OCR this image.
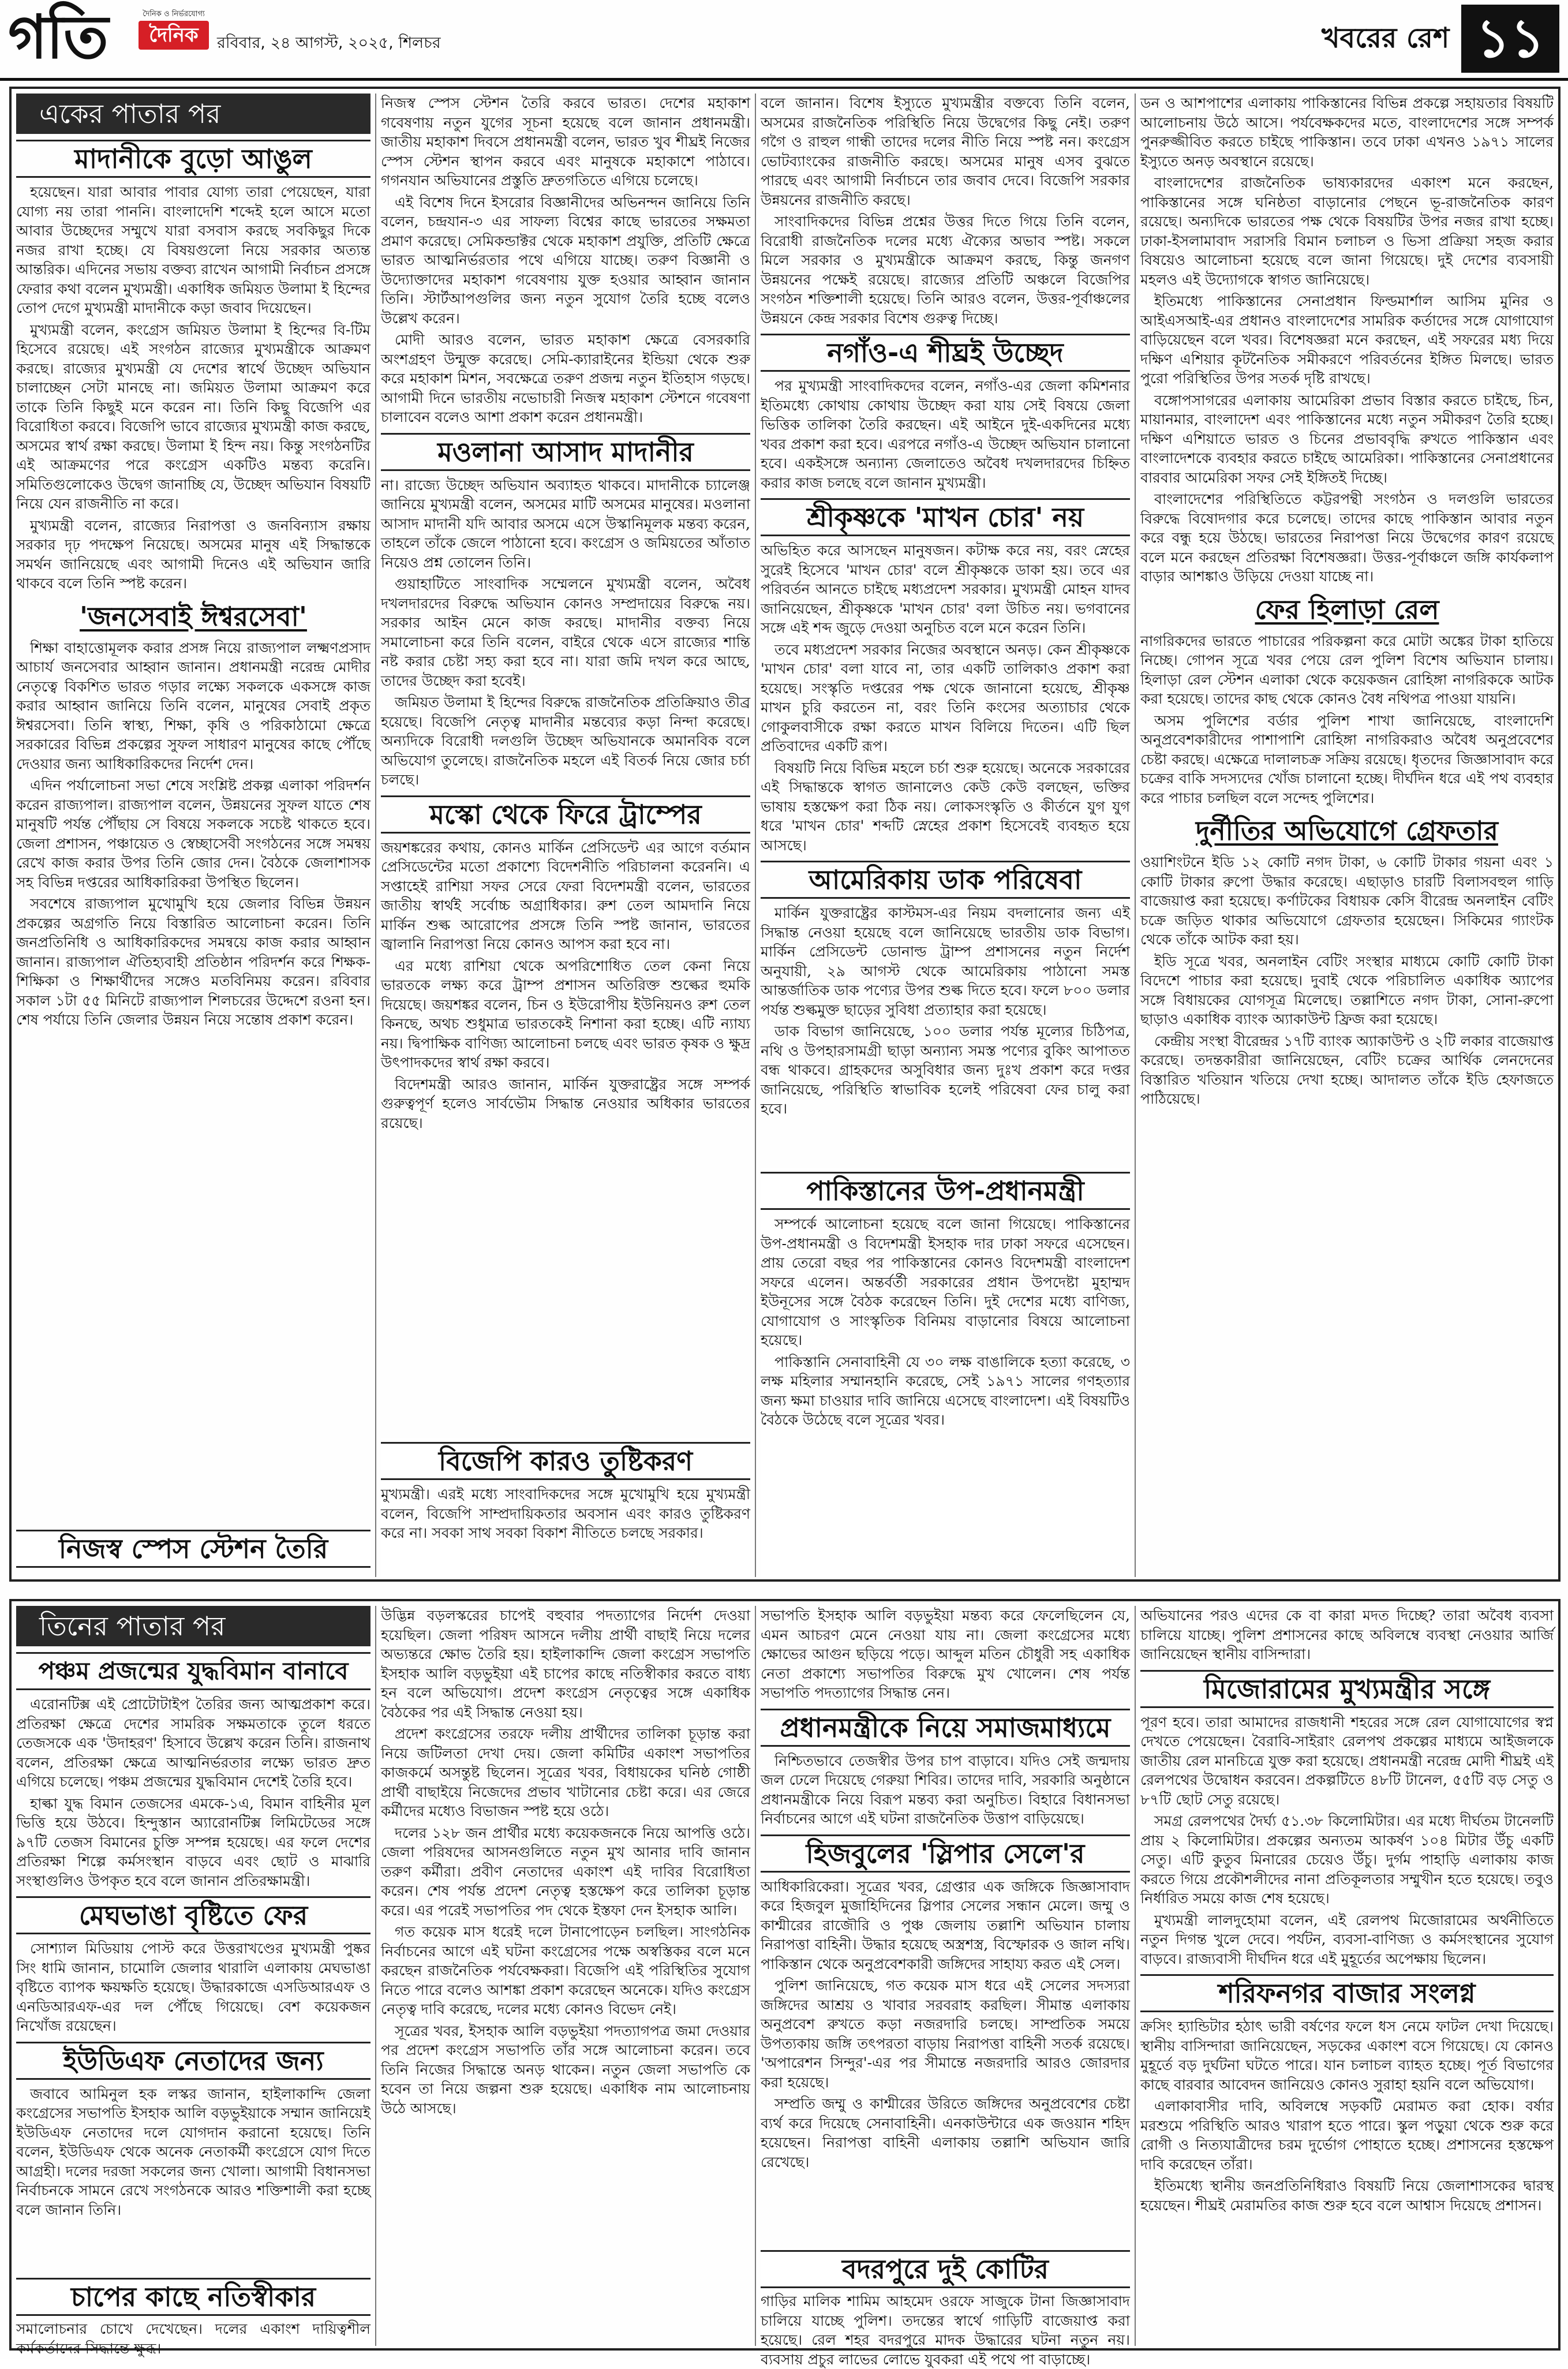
গতি	দৈনিক ও নির্ভরযোগ্য
দৈনিক	রবিবার, ২৪ আগস্ট, ২০২৫, শিলচর	খবরের রেশ ১১
একের পাতার পর
মাদানীকে বুড়ো আঙুল

হয়েছেন। যারা আবার পাবার যোগ্য তারা পেয়েছেন, যারা যোগ্য নয় তারা পাননি। বাংলাদেশি শব্দেই হলে আসে মতো আবার উচ্ছেদের সম্মুখে যারা বসবাস করছে সবকিছুর দিকে নজর রাখা হচ্ছে। যে বিষয়গুলো নিয়ে সরকার অত্যন্ত আন্তরিক। এদিনের সভায় বক্তব্য রাখেন আগামী নির্বাচন প্রসঙ্গে ফেরার কথা বলেন মুখ্যমন্ত্রী। একাধিক জমিয়ত উলামা ই হিন্দের তোপ দেগে মুখ্যমন্ত্রী মাদানীকে কড়া জবাব দিয়েছেন।

মুখ্যমন্ত্রী বলেন, কংগ্রেস জমিয়ত উলামা ই হিন্দের বি-টিম হিসেবে রয়েছে। এই সংগঠন রাজ্যের মুখ্যমন্ত্রীকে আক্রমণ করছে। রাজ্যের মুখ্যমন্ত্রী যে দেশের স্বার্থে উচ্ছেদ অভিযান চালাচ্ছেন সেটা মানছে না। জমিয়ত উলামা আক্রমণ করে তাকে তিনি কিছুই মনে করেন না। তিনি কিছু বিজেপি এর বিরোধিতা করবে। বিজেপি ভাবে রাজ্যের মুখ্যমন্ত্রী কাজ করছে, অসমের স্বার্থ রক্ষা করছে। উলামা ই হিন্দ নয়। কিন্তু সংগঠনটির এই আক্রমণের পরে কংগ্রেস একটিও মন্তব্য করেনি। সমিতিগুলোকেও উদ্বেগ জানাচ্ছি যে, উচ্ছেদ অভিযান বিষয়টি নিয়ে যেন রাজনীতি না করে।

মুখ্যমন্ত্রী বলেন, রাজ্যের নিরাপত্তা ও জনবিন্যাস রক্ষায় সরকার দৃঢ় পদক্ষেপ নিয়েছে। অসমের মানুষ এই সিদ্ধান্তকে সমর্থন জানিয়েছে এবং আগামী দিনেও এই অভিযান জারি থাকবে বলে তিনি স্পষ্ট করেন।

'জনসেবাই ঈশ্বরসেবা'

শিক্ষা বাহাত্তোমূলক করার প্রসঙ্গ নিয়ে রাজ্যপাল লক্ষ্মণপ্রসাদ আচার্য জনসেবার আহ্বান জানান। প্রধানমন্ত্রী নরেন্দ্র মোদীর নেতৃত্বে বিকশিত ভারত গড়ার লক্ষ্যে সকলকে একসঙ্গে কাজ করার আহ্বান জানিয়ে তিনি বলেন, মানুষের সেবাই প্রকৃত ঈশ্বরসেবা। তিনি স্বাস্থ্য, শিক্ষা, কৃষি ও পরিকাঠামো ক্ষেত্রে সরকারের বিভিন্ন প্রকল্পের সুফল সাধারণ মানুষের কাছে পৌঁছে দেওয়ার জন্য আধিকারিকদের নির্দেশ দেন।

এদিন পর্যালোচনা সভা শেষে সংশ্লিষ্ট প্রকল্প এলাকা পরিদর্শন করেন রাজ্যপাল। রাজ্যপাল বলেন, উন্নয়নের সুফল যাতে শেষ মানুষটি পর্যন্ত পৌঁছায় সে বিষয়ে সকলকে সচেষ্ট থাকতে হবে। জেলা প্রশাসন, পঞ্চায়েত ও স্বেচ্ছাসেবী সংগঠনের সঙ্গে সমন্বয় রেখে কাজ করার উপর তিনি জোর দেন। বৈঠকে জেলাশাসক সহ বিভিন্ন দপ্তরের আধিকারিকরা উপস্থিত ছিলেন।

সবশেষে রাজ্যপাল মুখোমুখি হয়ে জেলার বিভিন্ন উন্নয়ন প্রকল্পের অগ্রগতি নিয়ে বিস্তারিত আলোচনা করেন। তিনি জনপ্রতিনিধি ও আধিকারিকদের সমন্বয়ে কাজ করার আহ্বান জানান। রাজ্যপাল ঐতিহ্যবাহী প্রতিষ্ঠান পরিদর্শন করে শিক্ষক-শিক্ষিকা ও শিক্ষার্থীদের সঙ্গেও মতবিনিময় করেন। রবিবার সকাল ১টা ৫৫ মিনিটে রাজ্যপাল শিলচরের উদ্দেশে রওনা হন। শেষ পর্যায়ে তিনি জেলার উন্নয়ন নিয়ে সন্তোষ প্রকাশ করেন।

নিজস্ব স্পেস স্টেশন তৈরি

নিজস্ব স্পেস স্টেশন তৈরি করবে ভারত। দেশের মহাকাশ গবেষণায় নতুন যুগের সূচনা হয়েছে বলে জানান প্রধানমন্ত্রী। জাতীয় মহাকাশ দিবসে প্রধানমন্ত্রী বলেন, ভারত খুব শীঘ্রই নিজের স্পেস স্টেশন স্থাপন করবে এবং মানুষকে মহাকাশে পাঠাবে। গগনযান অভিযানের প্রস্তুতি দ্রুতগতিতে এগিয়ে চলেছে।

এই বিশেষ দিনে ইসরোর বিজ্ঞানীদের অভিনন্দন জানিয়ে তিনি বলেন, চন্দ্রযান-৩ এর সাফল্য বিশ্বের কাছে ভারতের সক্ষমতা প্রমাণ করেছে। সেমিকন্ডাক্টর থেকে মহাকাশ প্রযুক্তি, প্রতিটি ক্ষেত্রে ভারত আত্মনির্ভরতার পথে এগিয়ে যাচ্ছে। তরুণ বিজ্ঞানী ও উদ্যোক্তাদের মহাকাশ গবেষণায় যুক্ত হওয়ার আহ্বান জানান তিনি। স্টার্টআপগুলির জন্য নতুন সুযোগ তৈরি হচ্ছে বলেও উল্লেখ করেন।

মোদী আরও বলেন, ভারত মহাকাশ ক্ষেত্রে বেসরকারি অংশগ্রহণ উন্মুক্ত করেছে। সেমি-ক্যারাইনের ইন্ডিয়া থেকে শুরু করে মহাকাশ মিশন, সবক্ষেত্রে তরুণ প্রজন্ম নতুন ইতিহাস গড়ছে। আগামী দিনে ভারতীয় নভোচারী নিজস্ব মহাকাশ স্টেশনে গবেষণা চালাবেন বলেও আশা প্রকাশ করেন প্রধানমন্ত্রী।

মওলানা আসাদ মাদানীর

না। রাজ্যে উচ্ছেদ অভিযান অব্যাহত থাকবে। মাদানীকে চ্যালেঞ্জ জানিয়ে মুখ্যমন্ত্রী বলেন, অসমের মাটি অসমের মানুষের। মওলানা আসাদ মাদানী যদি আবার অসমে এসে উস্কানিমূলক মন্তব্য করেন, তাহলে তাঁকে জেলে পাঠানো হবে। কংগ্রেস ও জমিয়তের আঁতাত নিয়েও প্রশ্ন তোলেন তিনি।

গুয়াহাটিতে সাংবাদিক সম্মেলনে মুখ্যমন্ত্রী বলেন, অবৈধ দখলদারদের বিরুদ্ধে অভিযান কোনও সম্প্রদায়ের বিরুদ্ধে নয়। সরকার আইন মেনে কাজ করছে। মাদানীর বক্তব্য নিয়ে সমালোচনা করে তিনি বলেন, বাইরে থেকে এসে রাজ্যের শান্তি নষ্ট করার চেষ্টা সহ্য করা হবে না। যারা জমি দখল করে আছে, তাদের উচ্ছেদ করা হবেই।

জমিয়ত উলামা ই হিন্দের বিরুদ্ধে রাজনৈতিক প্রতিক্রিয়াও তীব্র হয়েছে। বিজেপি নেতৃত্ব মাদানীর মন্তব্যের কড়া নিন্দা করেছে। অন্যদিকে বিরোধী দলগুলি উচ্ছেদ অভিযানকে অমানবিক বলে অভিযোগ তুলেছে। রাজনৈতিক মহলে এই বিতর্ক নিয়ে জোর চর্চা চলছে।

মস্কো থেকে ফিরে ট্রাম্পের

জয়শঙ্করের কথায়, কোনও মার্কিন প্রেসিডেন্ট এর আগে বর্তমান প্রেসিডেন্টের মতো প্রকাশ্যে বিদেশনীতি পরিচালনা করেননি। এ সপ্তাহেই রাশিয়া সফর সেরে ফেরা বিদেশমন্ত্রী বলেন, ভারতের জাতীয় স্বার্থই সর্বোচ্চ অগ্রাধিকার। রুশ তেল আমদানি নিয়ে মার্কিন শুল্ক আরোপের প্রসঙ্গে তিনি স্পষ্ট জানান, ভারতের জ্বালানি নিরাপত্তা নিয়ে কোনও আপস করা হবে না।

এর মধ্যে রাশিয়া থেকে অপরিশোধিত তেল কেনা নিয়ে ভারতকে লক্ষ্য করে ট্রাম্প প্রশাসন অতিরিক্ত শুল্কের হুমকি দিয়েছে। জয়শঙ্কর বলেন, চিন ও ইউরোপীয় ইউনিয়নও রুশ তেল কিনছে, অথচ শুধুমাত্র ভারতকেই নিশানা করা হচ্ছে। এটি ন্যায্য নয়। দ্বিপাক্ষিক বাণিজ্য আলোচনা চলছে এবং ভারত কৃষক ও ক্ষুদ্র উৎপাদকদের স্বার্থ রক্ষা করবে।

বিদেশমন্ত্রী আরও জানান, মার্কিন যুক্তরাষ্ট্রের সঙ্গে সম্পর্ক গুরুত্বপূর্ণ হলেও সার্বভৌম সিদ্ধান্ত নেওয়ার অধিকার ভারতের রয়েছে।

বিজেপি কারও তুষ্টিকরণ

মুখ্যমন্ত্রী। এরই মধ্যে সাংবাদিকদের সঙ্গে মুখোমুখি হয়ে মুখ্যমন্ত্রী বলেন, বিজেপি সাম্প্রদায়িকতার অবসান এবং কারও তুষ্টিকরণ করে না। সবকা সাথ সবকা বিকাশ নীতিতে চলছে সরকার।

বলে জানান। বিশেষ ইস্যুতে মুখ্যমন্ত্রীর বক্তব্যে তিনি বলেন, অসমের রাজনৈতিক পরিস্থিতি নিয়ে উদ্বেগের কিছু নেই। তরুণ গগৈ ও রাহুল গান্ধী তাদের দলের নীতি নিয়ে স্পষ্ট নন। কংগ্রেস ভোটব্যাংকের রাজনীতি করছে। অসমের মানুষ এসব বুঝতে পারছে এবং আগামী নির্বাচনে তার জবাব দেবে। বিজেপি সরকার উন্নয়নের রাজনীতি করছে।

সাংবাদিকদের বিভিন্ন প্রশ্নের উত্তর দিতে গিয়ে তিনি বলেন, বিরোধী রাজনৈতিক দলের মধ্যে ঐক্যের অভাব স্পষ্ট। সকলে মিলে সরকার ও মুখ্যমন্ত্রীকে আক্রমণ করছে, কিন্তু জনগণ উন্নয়নের পক্ষেই রয়েছে। রাজ্যের প্রতিটি অঞ্চলে বিজেপির সংগঠন শক্তিশালী হয়েছে। তিনি আরও বলেন, উত্তর-পূর্বাঞ্চলের উন্নয়নে কেন্দ্র সরকার বিশেষ গুরুত্ব দিচ্ছে।

নগাঁও-এ শীঘ্রই উচ্ছেদ

পর মুখ্যমন্ত্রী সাংবাদিকদের বলেন, নগাঁও-এর জেলা কমিশনার ইতিমধ্যে কোথায় কোথায় উচ্ছেদ করা যায় সেই বিষয়ে জেলা ভিত্তিক তালিকা তৈরি করছেন। এই আইনে দুই-একদিনের মধ্যে খবর প্রকাশ করা হবে। এরপরে নগাঁও-এ উচ্ছেদ অভিযান চালানো হবে। একইসঙ্গে অন্যান্য জেলাতেও অবৈধ দখলদারদের চিহ্নিত করার কাজ চলছে বলে জানান মুখ্যমন্ত্রী।

শ্রীকৃষ্ণকে 'মাখন চোর' নয়

অভিহিত করে আসছেন মানুষজন। কটাক্ষ করে নয়, বরং স্নেহের সুরেই হিসেবে 'মাখন চোর' বলে শ্রীকৃষ্ণকে ডাকা হয়। তবে এর পরিবর্তন আনতে চাইছে মধ্যপ্রদেশ সরকার। মুখ্যমন্ত্রী মোহন যাদব জানিয়েছেন, শ্রীকৃষ্ণকে 'মাখন চোর' বলা উচিত নয়। ভগবানের সঙ্গে এই শব্দ জুড়ে দেওয়া অনুচিত বলে মনে করেন তিনি।

তবে মধ্যপ্রদেশ সরকার নিজের অবস্থানে অনড়। কেন শ্রীকৃষ্ণকে 'মাখন চোর' বলা যাবে না, তার একটি তালিকাও প্রকাশ করা হয়েছে। সংস্কৃতি দপ্তরের পক্ষ থেকে জানানো হয়েছে, শ্রীকৃষ্ণ মাখন চুরি করতেন না, বরং তিনি কংসের অত্যাচার থেকে গোকুলবাসীকে রক্ষা করতে মাখন বিলিয়ে দিতেন। এটি ছিল প্রতিবাদের একটি রূপ।

বিষয়টি নিয়ে বিভিন্ন মহলে চর্চা শুরু হয়েছে। অনেকে সরকারের এই সিদ্ধান্তকে স্বাগত জানালেও কেউ কেউ বলছেন, ভক্তির ভাষায় হস্তক্ষেপ করা ঠিক নয়। লোকসংস্কৃতি ও কীর্তনে যুগ যুগ ধরে 'মাখন চোর' শব্দটি স্নেহের প্রকাশ হিসেবেই ব্যবহৃত হয়ে আসছে।

আমেরিকায় ডাক পরিষেবা

মার্কিন যুক্তরাষ্ট্রের কাস্টমস-এর নিয়ম বদলানোর জন্য এই সিদ্ধান্ত নেওয়া হয়েছে বলে জানিয়েছে ভারতীয় ডাক বিভাগ। মার্কিন প্রেসিডেন্ট ডোনাল্ড ট্রাম্প প্রশাসনের নতুন নির্দেশ অনুযায়ী, ২৯ আগস্ট থেকে আমেরিকায় পাঠানো সমস্ত আন্তর্জাতিক ডাক পণ্যের উপর শুল্ক দিতে হবে। ফলে ৮০০ ডলার পর্যন্ত শুল্কমুক্ত ছাড়ের সুবিধা প্রত্যাহার করা হয়েছে।

ডাক বিভাগ জানিয়েছে, ১০০ ডলার পর্যন্ত মূল্যের চিঠিপত্র, নথি ও উপহারসামগ্রী ছাড়া অন্যান্য সমস্ত পণ্যের বুকিং আপাতত বন্ধ থাকবে। গ্রাহকদের অসুবিধার জন্য দুঃখ প্রকাশ করে দপ্তর জানিয়েছে, পরিস্থিতি স্বাভাবিক হলেই পরিষেবা ফের চালু করা হবে।

পাকিস্তানের উপ-প্রধানমন্ত্রী

সম্পর্কে আলোচনা হয়েছে বলে জানা গিয়েছে। পাকিস্তানের উপ-প্রধানমন্ত্রী ও বিদেশমন্ত্রী ইসহাক দার ঢাকা সফরে এসেছেন। প্রায় তেরো বছর পর পাকিস্তানের কোনও বিদেশমন্ত্রী বাংলাদেশ সফরে এলেন। অন্তর্বর্তী সরকারের প্রধান উপদেষ্টা মুহাম্মদ ইউনূসের সঙ্গে বৈঠক করেছেন তিনি। দুই দেশের মধ্যে বাণিজ্য, যোগাযোগ ও সাংস্কৃতিক বিনিময় বাড়ানোর বিষয়ে আলোচনা হয়েছে।

পাকিস্তানি সেনাবাহিনী যে ৩০ লক্ষ বাঙালিকে হত্যা করেছে, ৩ লক্ষ মহিলার সম্মানহানি করেছে, সেই ১৯৭১ সালের গণহত্যার জন্য ক্ষমা চাওয়ার দাবি জানিয়ে এসেছে বাংলাদেশ। এই বিষয়টিও বৈঠকে উঠেছে বলে সূত্রের খবর।

ডন ও আশপাশের এলাকায় পাকিস্তানের বিভিন্ন প্রকল্পে সহায়তার বিষয়টি আলোচনায় উঠে আসে। পর্যবেক্ষকদের মতে, বাংলাদেশের সঙ্গে সম্পর্ক পুনরুজ্জীবিত করতে চাইছে পাকিস্তান। তবে ঢাকা এখনও ১৯৭১ সালের ইস্যুতে অনড় অবস্থানে রয়েছে।

বাংলাদেশের রাজনৈতিক ভাষ্যকারদের একাংশ মনে করছেন, পাকিস্তানের সঙ্গে ঘনিষ্ঠতা বাড়ানোর পেছনে ভূ-রাজনৈতিক কারণ রয়েছে। অন্যদিকে ভারতের পক্ষ থেকে বিষয়টির উপর নজর রাখা হচ্ছে। ঢাকা-ইসলামাবাদ সরাসরি বিমান চলাচল ও ভিসা প্রক্রিয়া সহজ করার বিষয়েও আলোচনা হয়েছে বলে জানা গিয়েছে। দুই দেশের ব্যবসায়ী মহলও এই উদ্যোগকে স্বাগত জানিয়েছে।

ইতিমধ্যে পাকিস্তানের সেনাপ্রধান ফিল্ডমার্শাল আসিম মুনির ও আইএসআই-এর প্রধানও বাংলাদেশের সামরিক কর্তাদের সঙ্গে যোগাযোগ বাড়িয়েছেন বলে খবর। বিশেষজ্ঞরা মনে করছেন, এই সফরের মধ্য দিয়ে দক্ষিণ এশিয়ার কূটনৈতিক সমীকরণে পরিবর্তনের ইঙ্গিত মিলছে। ভারত পুরো পরিস্থিতির উপর সতর্ক দৃষ্টি রাখছে।

বঙ্গোপসাগরের এলাকায় আমেরিকা প্রভাব বিস্তার করতে চাইছে, চিন, মায়ানমার, বাংলাদেশ এবং পাকিস্তানের মধ্যে নতুন সমীকরণ তৈরি হচ্ছে। দক্ষিণ এশিয়াতে ভারত ও চিনের প্রভাববৃদ্ধি রুখতে পাকিস্তান এবং বাংলাদেশকে ব্যবহার করতে চাইছে আমেরিকা। পাকিস্তানের সেনাপ্রধানের বারবার আমেরিকা সফর সেই ইঙ্গিতই দিচ্ছে।

বাংলাদেশের পরিস্থিতিতে কট্টরপন্থী সংগঠন ও দলগুলি ভারতের বিরুদ্ধে বিষোদগার করে চলেছে। তাদের কাছে পাকিস্তান আবার নতুন করে বন্ধু হয়ে উঠছে। ভারতের নিরাপত্তা নিয়ে উদ্বেগের কারণ রয়েছে বলে মনে করছেন প্রতিরক্ষা বিশেষজ্ঞরা। উত্তর-পূর্বাঞ্চলে জঙ্গি কার্যকলাপ বাড়ার আশঙ্কাও উড়িয়ে দেওয়া যাচ্ছে না।

ফের হিলাড়া রেল

নাগরিকদের ভারতে পাচারের পরিকল্পনা করে মোটা অঙ্কের টাকা হাতিয়ে নিচ্ছে। গোপন সূত্রে খবর পেয়ে রেল পুলিশ বিশেষ অভিযান চালায়। হিলাড়া রেল স্টেশন এলাকা থেকে কয়েকজন রোহিঙ্গা নাগরিককে আটক করা হয়েছে। তাদের কাছ থেকে কোনও বৈধ নথিপত্র পাওয়া যায়নি।

অসম পুলিশের বর্ডার পুলিশ শাখা জানিয়েছে, বাংলাদেশি অনুপ্রবেশকারীদের পাশাপাশি রোহিঙ্গা নাগরিকরাও অবৈধ অনুপ্রবেশের চেষ্টা করছে। এক্ষেত্রে দালালচক্র সক্রিয় রয়েছে। ধৃতদের জিজ্ঞাসাবাদ করে চক্রের বাকি সদস্যদের খোঁজ চালানো হচ্ছে। দীর্ঘদিন ধরে এই পথ ব্যবহার করে পাচার চলছিল বলে সন্দেহ পুলিশের।

দুর্নীতির অভিযোগে গ্রেফতার

ওয়াশিংটনে ইডি ১২ কোটি নগদ টাকা, ৬ কোটি টাকার গয়না এবং ১ কোটি টাকার রুপো উদ্ধার করেছে। এছাড়াও চারটি বিলাসবহুল গাড়ি বাজেয়াপ্ত করা হয়েছে। কর্ণাটকের বিধায়ক কেসি বীরেন্দ্র অনলাইন বেটিং চক্রে জড়িত থাকার অভিযোগে গ্রেফতার হয়েছেন। সিকিমের গ্যাংটক থেকে তাঁকে আটক করা হয়।

ইডি সূত্রে খবর, অনলাইন বেটিং সংস্থার মাধ্যমে কোটি কোটি টাকা বিদেশে পাচার করা হয়েছে। দুবাই থেকে পরিচালিত একাধিক অ্যাপের সঙ্গে বিধায়কের যোগসূত্র মিলেছে। তল্লাশিতে নগদ টাকা, সোনা-রুপো ছাড়াও একাধিক ব্যাংক অ্যাকাউন্ট ফ্রিজ করা হয়েছে।

কেন্দ্রীয় সংস্থা বীরেন্দ্রর ১৭টি ব্যাংক অ্যাকাউন্ট ও ২টি লকার বাজেয়াপ্ত করেছে। তদন্তকারীরা জানিয়েছেন, বেটিং চক্রের আর্থিক লেনদেনের বিস্তারিত খতিয়ান খতিয়ে দেখা হচ্ছে। আদালত তাঁকে ইডি হেফাজতে পাঠিয়েছে।

তিনের পাতার পর
পঞ্চম প্রজন্মের যুদ্ধবিমান বানাবে

এরোনটিক্স এই প্রোটোটাইপ তৈরির জন্য আত্মপ্রকাশ করে। প্রতিরক্ষা ক্ষেত্রে দেশের সামরিক সক্ষমতাকে তুলে ধরতে তেজসকে এক 'উদাহরণ' হিসাবে উল্লেখ করেন তিনি। রাজনাথ বলেন, প্রতিরক্ষা ক্ষেত্রে আত্মনির্ভরতার লক্ষ্যে ভারত দ্রুত এগিয়ে চলেছে। পঞ্চম প্রজন্মের যুদ্ধবিমান দেশেই তৈরি হবে।

হাল্কা যুদ্ধ বিমান তেজসের এমকে-১এ, বিমান বাহিনীর মূল ভিত্তি হয়ে উঠবে। হিন্দুস্তান অ্যারোনটিক্স লিমিটেডের সঙ্গে ৯৭টি তেজস বিমানের চুক্তি সম্পন্ন হয়েছে। এর ফলে দেশের প্রতিরক্ষা শিল্পে কর্মসংস্থান বাড়বে এবং ছোট ও মাঝারি সংস্থাগুলিও উপকৃত হবে বলে জানান প্রতিরক্ষামন্ত্রী।

মেঘভাঙা বৃষ্টিতে ফের

সোশ্যাল মিডিয়ায় পোস্ট করে উত্তরাখণ্ডের মুখ্যমন্ত্রী পুষ্কর সিং ধামি জানান, চামোলি জেলার থারালি এলাকায় মেঘভাঙা বৃষ্টিতে ব্যাপক ক্ষয়ক্ষতি হয়েছে। উদ্ধারকাজে এসডিআরএফ ও এনডিআরএফ-এর দল পৌঁছে গিয়েছে। বেশ কয়েকজন নিখোঁজ রয়েছেন।

ইউডিএফ নেতাদের জন্য

জবাবে আমিনুল হক লস্কর জানান, হাইলাকান্দি জেলা কংগ্রেসের সভাপতি ইসহাক আলি বড়ভুইয়াকে সম্মান জানিয়েই ইউডিএফ নেতাদের দলে যোগদান করানো হয়েছে। তিনি বলেন, ইউডিএফ থেকে অনেক নেতাকর্মী কংগ্রেসে যোগ দিতে আগ্রহী। দলের দরজা সকলের জন্য খোলা। আগামী বিধানসভা নির্বাচনকে সামনে রেখে সংগঠনকে আরও শক্তিশালী করা হচ্ছে বলে জানান তিনি।

চাপের কাছে নতিস্বীকার

সমালোচনার চোখে দেখেছেন। দলের একাংশ দায়িত্বশীল কর্মকর্তাদের সিদ্ধান্তে ক্ষুব্ধ।

উদ্ভিন্ন বড়লস্করের চাপেই বহুবার পদত্যাগের নির্দেশ দেওয়া হয়েছিল। জেলা পরিষদ আসনে দলীয় প্রার্থী বাছাই নিয়ে দলের অভ্যন্তরে ক্ষোভ তৈরি হয়। হাইলাকান্দি জেলা কংগ্রেস সভাপতি ইসহাক আলি বড়ভুইয়া এই চাপের কাছে নতিস্বীকার করতে বাধ্য হন বলে অভিযোগ। প্রদেশ কংগ্রেস নেতৃত্বের সঙ্গে একাধিক বৈঠকের পর এই সিদ্ধান্ত নেওয়া হয়।

প্রদেশ কংগ্রেসের তরফে দলীয় প্রার্থীদের তালিকা চূড়ান্ত করা নিয়ে জটিলতা দেখা দেয়। জেলা কমিটির একাংশ সভাপতির কাজকর্মে অসন্তুষ্ট ছিলেন। সূত্রের খবর, বিধায়কের ঘনিষ্ঠ গোষ্ঠী প্রার্থী বাছাইয়ে নিজেদের প্রভাব খাটানোর চেষ্টা করে। এর জেরে কর্মীদের মধ্যেও বিভাজন স্পষ্ট হয়ে ওঠে।

দলের ১২৮ জন প্রার্থীর মধ্যে কয়েকজনকে নিয়ে আপত্তি ওঠে। জেলা পরিষদের আসনগুলিতে নতুন মুখ আনার দাবি জানান তরুণ কর্মীরা। প্রবীণ নেতাদের একাংশ এই দাবির বিরোধিতা করেন। শেষ পর্যন্ত প্রদেশ নেতৃত্ব হস্তক্ষেপ করে তালিকা চূড়ান্ত করে। এর পরেই সভাপতির পদ থেকে ইস্তফা দেন ইসহাক আলি।

গত কয়েক মাস ধরেই দলে টানাপোড়েন চলছিল। সাংগঠনিক নির্বাচনের আগে এই ঘটনা কংগ্রেসের পক্ষে অস্বস্তিকর বলে মনে করছেন রাজনৈতিক পর্যবেক্ষকরা। বিজেপি এই পরিস্থিতির সুযোগ নিতে পারে বলেও আশঙ্কা প্রকাশ করেছেন অনেকে। যদিও কংগ্রেস নেতৃত্ব দাবি করেছে, দলের মধ্যে কোনও বিভেদ নেই।

সূত্রের খবর, ইসহাক আলি বড়ভুইয়া পদত্যাগপত্র জমা দেওয়ার পর প্রদেশ কংগ্রেস সভাপতি তাঁর সঙ্গে আলোচনা করেন। তবে তিনি নিজের সিদ্ধান্তে অনড় থাকেন। নতুন জেলা সভাপতি কে হবেন তা নিয়ে জল্পনা শুরু হয়েছে। একাধিক নাম আলোচনায় উঠে আসছে।

সভাপতি ইসহাক আলি বড়ভুইয়া মন্তব্য করে ফেলেছিলেন যে, এমন আচরণ মেনে নেওয়া যায় না। জেলা কংগ্রেসের মধ্যে ক্ষোভের আগুন ছড়িয়ে পড়ে। আব্দুল মতিন চৌধুরী সহ একাধিক নেতা প্রকাশ্যে সভাপতির বিরুদ্ধে মুখ খোলেন। শেষ পর্যন্ত সভাপতি পদত্যাগের সিদ্ধান্ত নেন।

প্রধানমন্ত্রীকে নিয়ে সমাজমাধ্যমে

নিশ্চিতভাবে তেজস্বীর উপর চাপ বাড়াবে। যদিও সেই জন্মদায় জল ঢেলে দিয়েছে গেরুয়া শিবির। তাদের দাবি, সরকারি অনুষ্ঠানে প্রধানমন্ত্রীকে নিয়ে বিরূপ মন্তব্য করা অনুচিত। বিহারে বিধানসভা নির্বাচনের আগে এই ঘটনা রাজনৈতিক উত্তাপ বাড়িয়েছে।

হিজবুলের 'স্লিপার সেলে'র

আধিকারিকেরা। সূত্রের খবর, গ্রেপ্তার এক জঙ্গিকে জিজ্ঞাসাবাদ করে হিজবুল মুজাহিদিনের স্লিপার সেলের সন্ধান মেলে। জম্মু ও কাশ্মীরের রাজৌরি ও পুঞ্চ জেলায় তল্লাশি অভিযান চালায় নিরাপত্তা বাহিনী। উদ্ধার হয়েছে অস্ত্রশস্ত্র, বিস্ফোরক ও জাল নথি। পাকিস্তান থেকে অনুপ্রবেশকারী জঙ্গিদের সাহায্য করত এই সেল।

পুলিশ জানিয়েছে, গত কয়েক মাস ধরে এই সেলের সদস্যরা জঙ্গিদের আশ্রয় ও খাবার সরবরাহ করছিল। সীমান্ত এলাকায় অনুপ্রবেশ রুখতে কড়া নজরদারি চলছে। সাম্প্রতিক সময়ে উপত্যকায় জঙ্গি তৎপরতা বাড়ায় নিরাপত্তা বাহিনী সতর্ক রয়েছে। 'অপারেশন সিন্দুর'-এর পর সীমান্তে নজরদারি আরও জোরদার করা হয়েছে।

সম্প্রতি জম্মু ও কাশ্মীরের উরিতে জঙ্গিদের অনুপ্রবেশের চেষ্টা ব্যর্থ করে দিয়েছে সেনাবাহিনী। এনকাউন্টারে এক জওয়ান শহিদ হয়েছেন। নিরাপত্তা বাহিনী এলাকায় তল্লাশি অভিযান জারি রেখেছে।

বদরপুরে দুই কোটির

গাড়ির মালিক শামিম আহমেদ ওরফে সাজুকে টানা জিজ্ঞাসাবাদ চালিয়ে যাচ্ছে পুলিশ। তদন্তের স্বার্থে গাড়িটি বাজেয়াপ্ত করা হয়েছে। রেল শহর বদরপুরে মাদক উদ্ধারের ঘটনা নতুন নয়। ব্যবসায় প্রচুর লাভের লোভে যুবকরা এই পথে পা বাড়াচ্ছে।

অভিযানের পরও এদের কে বা কারা মদত দিচ্ছে? তারা অবৈধ ব্যবসা চালিয়ে যাচ্ছে। পুলিশ প্রশাসনের কাছে অবিলম্বে ব্যবস্থা নেওয়ার আর্জি জানিয়েছেন স্থানীয় বাসিন্দারা।

মিজোরামের মুখ্যমন্ত্রীর সঙ্গে

পূরণ হবে। তারা আমাদের রাজধানী শহরের সঙ্গে রেল যোগাযোগের স্বপ্ন দেখতে পেয়েছেন। বৈরাবি-সাইরাং রেলপথ প্রকল্পের মাধ্যমে আইজলকে জাতীয় রেল মানচিত্রে যুক্ত করা হয়েছে। প্রধানমন্ত্রী নরেন্দ্র মোদী শীঘ্রই এই রেলপথের উদ্বোধন করবেন। প্রকল্পটিতে ৪৮টি টানেল, ৫৫টি বড় সেতু ও ৮৭টি ছোট সেতু রয়েছে।

সমগ্র রেলপথের দৈর্ঘ্য ৫১.৩৮ কিলোমিটার। এর মধ্যে দীর্ঘতম টানেলটি প্রায় ২ কিলোমিটার। প্রকল্পের অন্যতম আকর্ষণ ১০৪ মিটার উঁচু একটি সেতু। এটি কুতুব মিনারের চেয়েও উঁচু। দুর্গম পাহাড়ি এলাকায় কাজ করতে গিয়ে প্রকৌশলীদের নানা প্রতিকূলতার সম্মুখীন হতে হয়েছে। তবুও নির্ধারিত সময়ে কাজ শেষ হয়েছে।

মুখ্যমন্ত্রী লালদুহোমা বলেন, এই রেলপথ মিজোরামের অর্থনীতিতে নতুন দিগন্ত খুলে দেবে। পর্যটন, ব্যবসা-বাণিজ্য ও কর্মসংস্থানের সুযোগ বাড়বে। রাজ্যবাসী দীর্ঘদিন ধরে এই মুহূর্তের অপেক্ষায় ছিলেন।

শরিফনগর বাজার সংলগ্ন

ক্রসিং হ্যান্ডিটার হঠাৎ ভারী বর্ষণের ফলে ধস নেমে ফাটল দেখা দিয়েছে। স্থানীয় বাসিন্দারা জানিয়েছেন, সড়কের একাংশ বসে গিয়েছে। যে কোনও মুহূর্তে বড় দুর্ঘটনা ঘটতে পারে। যান চলাচল ব্যাহত হচ্ছে। পূর্ত বিভাগের কাছে বারবার আবেদন জানিয়েও কোনও সুরাহা হয়নি বলে অভিযোগ।

এলাকাবাসীর দাবি, অবিলম্বে সড়কটি মেরামত করা হোক। বর্ষার মরশুমে পরিস্থিতি আরও খারাপ হতে পারে। স্কুল পড়ুয়া থেকে শুরু করে রোগী ও নিত্যযাত্রীদের চরম দুর্ভোগ পোহাতে হচ্ছে। প্রশাসনের হস্তক্ষেপ দাবি করেছেন তাঁরা।

ইতিমধ্যে স্থানীয় জনপ্রতিনিধিরাও বিষয়টি নিয়ে জেলাশাসকের দ্বারস্থ হয়েছেন। শীঘ্রই মেরামতির কাজ শুরু হবে বলে আশ্বাস দিয়েছে প্রশাসন।
